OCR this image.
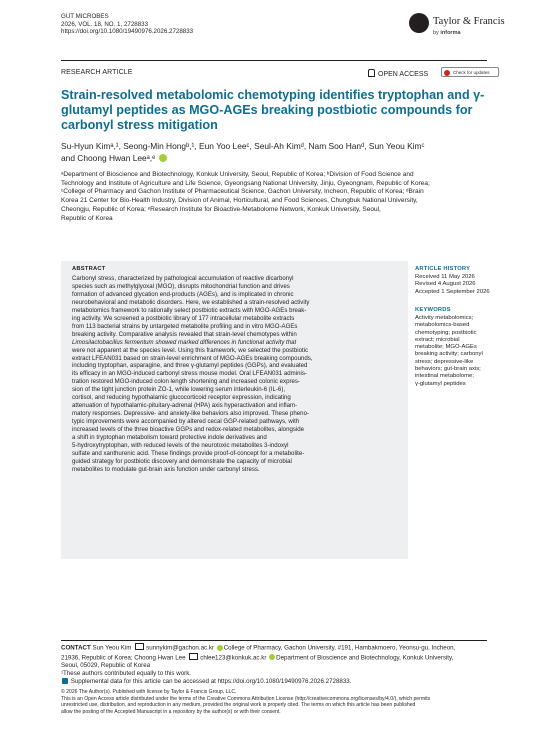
GUT MICROBES
2026, VOL. 18, NO. 1, 2728833
https://doi.org/10.1080/19490976.2026.2728833
Taylor & Francis
by informa
RESEARCH ARTICLE	OPEN ACCESS	Check for updates
Strain-resolved metabolomic chemotyping identifies tryptophan and γ-
glutamyl peptides as MGO-AGEs breaking postbiotic compounds for
carbonyl stress mitigation
Su-Hyun Kimᵃ,¹, Seong-Min Hongᵇ,¹, Eun Yoo Leeᶜ, Seul-Ah Kimᵈ, Nam Soo Hanᵈ, Sun Yeou Kimᶜ
and Choong Hwan Leeᵃ,ᵉ
ᵃDepartment of Bioscience and Biotechnology, Konkuk University, Seoul, Republic of Korea; ᵇDivision of Food Science and
Technology and Institute of Agriculture and Life Science, Gyeongsang National University, Jinju, Gyeongnam, Republic of Korea;
ᶜCollege of Pharmacy and Gachon Institute of Pharmaceutical Science, Gachon University, Incheon, Republic of Korea; ᵈBrain
Korea 21 Center for Bio-Health Industry, Division of Animal, Horticultural, and Food Sciences, Chungbuk National University,
Cheongju, Republic of Korea; ᵉResearch Institute for Bioactive-Metabolome Network, Konkuk University, Seoul,
Republic of Korea
ABSTRACT
Carbonyl stress, characterized by pathological accumulation of reactive dicarbonyl
species such as methylglyoxal (MGO), disrupts mitochondrial function and drives
formation of advanced glycation end-products (AGEs), and is implicated in chronic
neurobehavioral and metabolic disorders. Here, we established a strain-resolved activity
metabolomics framework to rationally select postbiotic extracts with MGO-AGEs break-
ing activity. We screened a postbiotic library of 177 intracellular metabolite extracts
from 113 bacterial strains by untargeted metabolite profiling and in vitro MGO-AGEs
breaking activity. Comparative analysis revealed that strain-level chemotypes within
Limosilactobacillus fermentum showed marked differences in functional activity that
were not apparent at the species level. Using this framework, we selected the postbiotic
extract LFEAN031 based on strain-level enrichment of MGO-AGEs breaking compounds,
including tryptophan, asparagine, and three γ-glutamyl peptides (GGPs), and evaluated
its efficacy in an MGO-induced carbonyl stress mouse model. Oral LFEAN031 adminis-
tration restored MGO-induced colon length shortening and increased colonic expres-
sion of the tight junction protein ZO-1, while lowering serum interleukin-6 (IL-6),
cortisol, and reducing hypothalamic glucocorticoid receptor expression, indicating
attenuation of hypothalamic-pituitary-adrenal (HPA) axis hyperactivation and inflam-
matory responses. Depressive- and anxiety-like behaviors also improved. These pheno-
typic improvements were accompanied by altered cecal GGP-related pathways, with
increased levels of the three bioactive GGPs and redox-related metabolites, alongside
a shift in tryptophan metabolism toward protective indole derivatives and
5-hydroxytryptophan, with reduced levels of the neurotoxic metabolites 3-indoxyl
sulfate and xanthurenic acid. These findings provide proof-of-concept for a metabolite-
guided strategy for postbiotic discovery and demonstrate the capacity of microbial
metabolites to modulate gut-brain axis function under carbonyl stress.
ARTICLE HISTORY
Received 11 May 2026
Revised 4 August 2026
Accepted 1 September 2026
KEYWORDS
Activity metabolomics;
metabolomics-based
chemotyping; postbiotic
extract; microbial
metabolite; MGO-AGEs
breaking activity; carbonyl
stress; depressive-like
behaviors; gut-brain axis;
intestinal metabolome;
γ-glutamyl peptides
CONTACT Sun Yeou Kim sunnykim@gachon.ac.kr College of Pharmacy, Gachon University, #191, Hambakmoero, Yeonsu-gu, Incheon,
21936, Republic of Korea; Choong Hwan Lee chlee123@konkuk.ac.kr Department of Bioscience and Biotechnology, Konkuk University,
Seoul, 05029, Republic of Korea
¹These authors contributed equally to this work.
Supplemental data for this article can be accessed at https://doi.org/10.1080/19490976.2026.2728833.
© 2026 The Author(s). Published with license by Taylor & Francis Group, LLC.
This is an Open Access article distributed under the terms of the Creative Commons Attribution License (http://creativecommons.org/licenses/by/4.0/), which permits
unrestricted use, distribution, and reproduction in any medium, provided the original work is properly cited. The terms on which this article has been published
allow the posting of the Accepted Manuscript in a repository by the author(s) or with their consent.
